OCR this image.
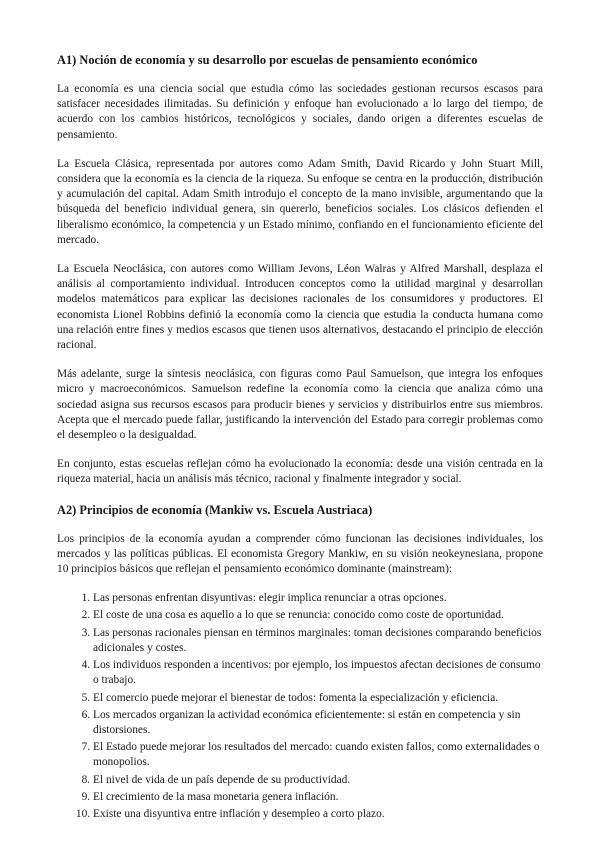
A1) Noción de economía y su desarrollo por escuelas de pensamiento económico

La economía es una ciencia social que estudia cómo las sociedades gestionan recursos escasos para satisfacer necesidades ilimitadas. Su definición y enfoque han evolucionado a lo largo del tiempo, de acuerdo con los cambios históricos, tecnológicos y sociales, dando origen a diferentes escuelas de pensamiento.

La Escuela Clásica, representada por autores como Adam Smith, David Ricardo y John Stuart Mill, considera que la economía es la ciencia de la riqueza. Su enfoque se centra en la producción, distribución y acumulación del capital. Adam Smith introdujo el concepto de la mano invisible, argumentando que la búsqueda del beneficio individual genera, sin quererlo, beneficios sociales. Los clásicos defienden el liberalismo económico, la competencia y un Estado mínimo, confiando en el funcionamiento eficiente del mercado.

La Escuela Neoclásica, con autores como William Jevons, Léon Walras y Alfred Marshall, desplaza el análisis al comportamiento individual. Introducen conceptos como la utilidad marginal y desarrollan modelos matemáticos para explicar las decisiones racionales de los consumidores y productores. El economista Lionel Robbins definió la economía como la ciencia que estudia la conducta humana como una relación entre fines y medios escasos que tienen usos alternativos, destacando el principio de elección racional.

Más adelante, surge la síntesis neoclásica, con figuras como Paul Samuelson, que integra los enfoques micro y macroeconómicos. Samuelson redefine la economía como la ciencia que analiza cómo una sociedad asigna sus recursos escasos para producir bienes y servicios y distribuirlos entre sus miembros. Acepta que el mercado puede fallar, justificando la intervención del Estado para corregir problemas como el desempleo o la desigualdad.

En conjunto, estas escuelas reflejan cómo ha evolucionado la economía: desde una visión centrada en la riqueza material, hacia un análisis más técnico, racional y finalmente integrador y social.

A2) Principios de economía (Mankiw vs. Escuela Austriaca)

Los principios de la economía ayudan a comprender cómo funcionan las decisiones individuales, los mercados y las políticas públicas. El economista Gregory Mankiw, en su visión neokeynesiana, propone 10 principios básicos que reflejan el pensamiento económico dominante (mainstream):

1. Las personas enfrentan disyuntivas: elegir implica renunciar a otras opciones.
2. El coste de una cosa es aquello a lo que se renuncia: conocido como coste de oportunidad.
3. Las personas racionales piensan en términos marginales: toman decisiones comparando beneficios adicionales y costes.
4. Los individuos responden a incentivos: por ejemplo, los impuestos afectan decisiones de consumo o trabajo.
5. El comercio puede mejorar el bienestar de todos: fomenta la especialización y eficiencia.
6. Los mercados organizan la actividad económica eficientemente: si están en competencia y sin distorsiones.
7. El Estado puede mejorar los resultados del mercado: cuando existen fallos, como externalidades o monopolios.
8. El nivel de vida de un país depende de su productividad.
9. El crecimiento de la masa monetaria genera inflación.
10. Existe una disyuntiva entre inflación y desempleo a corto plazo.
